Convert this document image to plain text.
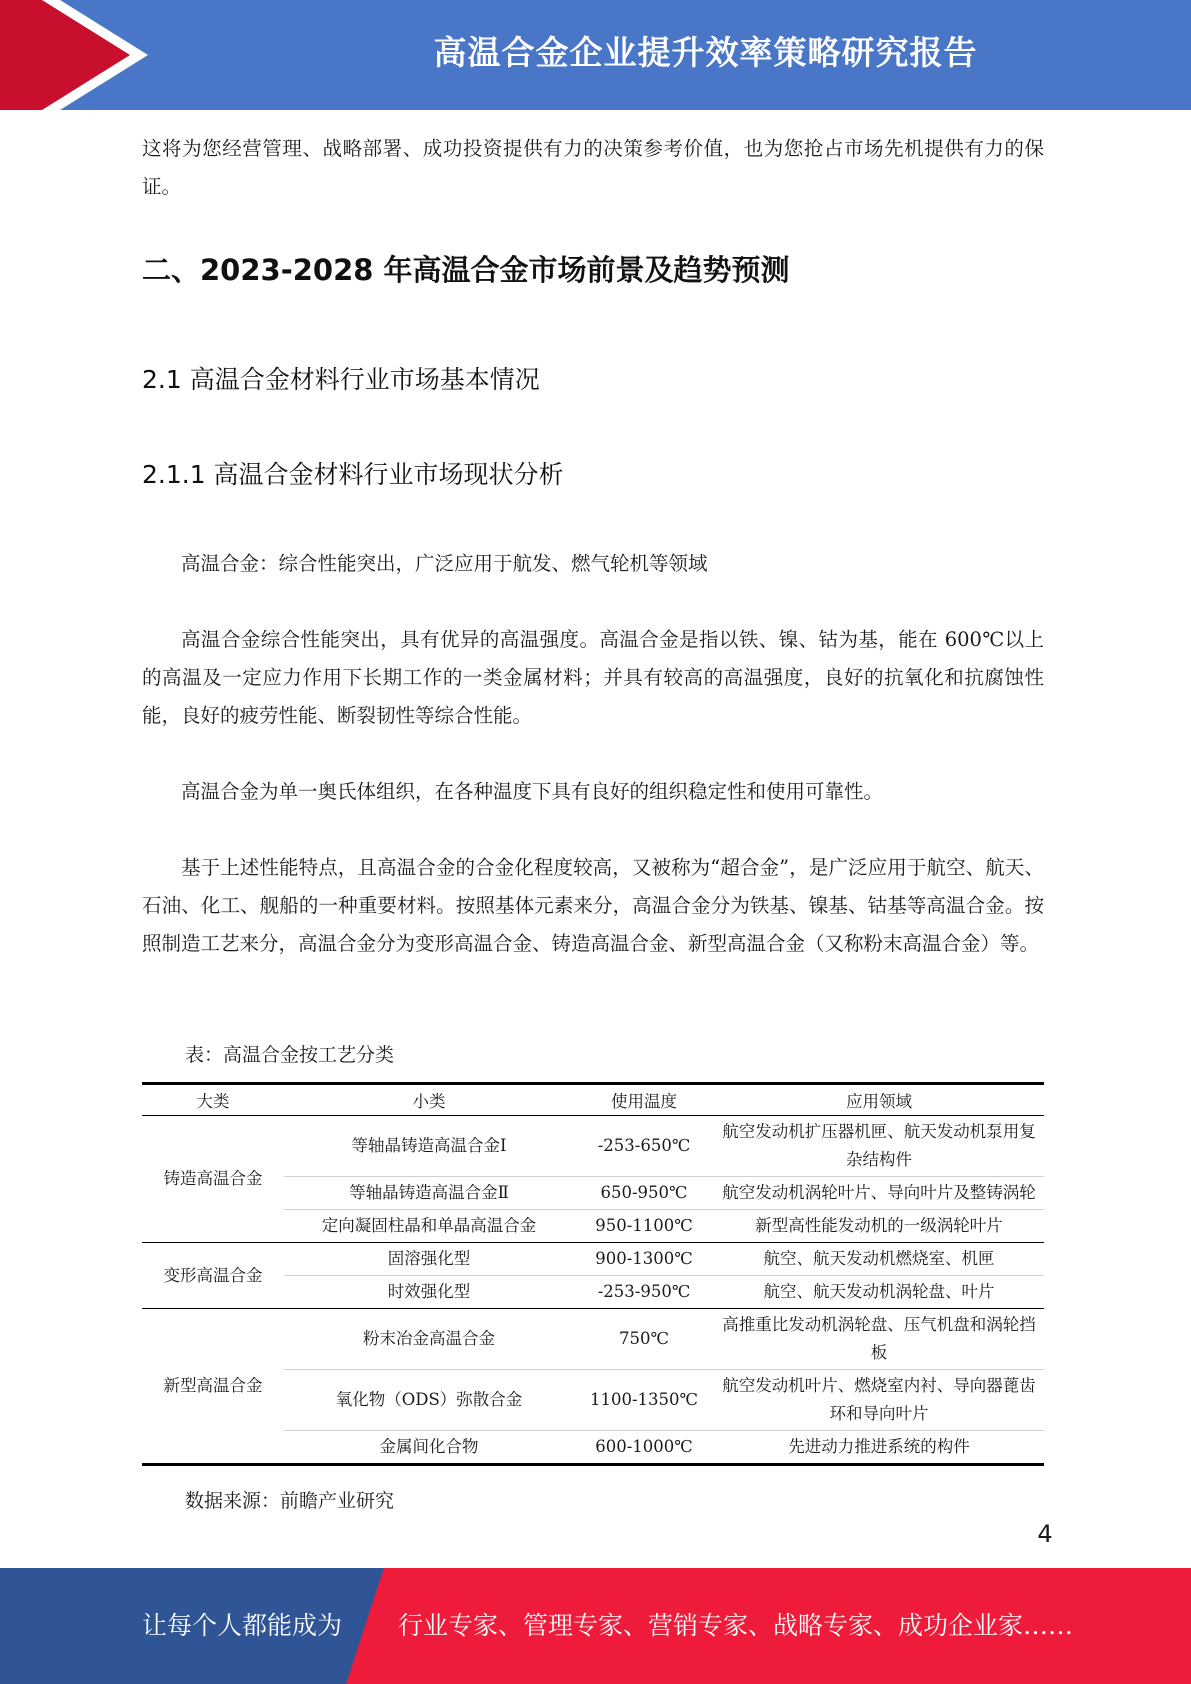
高温合金企业提升效率策略研究报告

这将为您经营管理、战略部署、成功投资提供有力的决策参考价值，也为您抢占市场先机提供有力的保证。

二、2023-2028 年高温合金市场前景及趋势预测
2.1 高温合金材料行业市场基本情况
2.1.1 高温合金材料行业市场现状分析

高温合金：综合性能突出，广泛应用于航发、燃气轮机等领域

高温合金综合性能突出，具有优异的高温强度。高温合金是指以铁、镍、钴为基，能在 600℃以上的高温及一定应力作用下长期工作的一类金属材料；并具有较高的高温强度，良好的抗氧化和抗腐蚀性能，良好的疲劳性能、断裂韧性等综合性能。

高温合金为单一奥氏体组织，在各种温度下具有良好的组织稳定性和使用可靠性。

基于上述性能特点，且高温合金的合金化程度较高，又被称为“超合金”，是广泛应用于航空、航天、石油、化工、舰船的一种重要材料。按照基体元素来分，高温合金分为铁基、镍基、钴基等高温合金。按照制造工艺来分，高温合金分为变形高温合金、铸造高温合金、新型高温合金（又称粉末高温合金）等。

表：高温合金按工艺分类
大类	小类	使用温度	应用领域
铸造高温合金	等轴晶铸造高温合金Ⅰ	-253-650℃	航空发动机扩压器机匣、航天发动机泵用复杂结构件
	等轴晶铸造高温合金Ⅱ	650-950℃	航空发动机涡轮叶片、导向叶片及整铸涡轮
	定向凝固柱晶和单晶高温合金	950-1100℃	新型高性能发动机的一级涡轮叶片
变形高温合金	固溶强化型	900-1300℃	航空、航天发动机燃烧室、机匣
	时效强化型	-253-950℃	航空、航天发动机涡轮盘、叶片
新型高温合金	粉末冶金高温合金	750℃	高推重比发动机涡轮盘、压气机盘和涡轮挡板
	氧化物（ODS）弥散合金	1100-1350℃	航空发动机叶片、燃烧室内衬、导向器蓖齿环和导向叶片
	金属间化合物	600-1000℃	先进动力推进系统的构件
数据来源：前瞻产业研究
4
让每个人都能成为 行业专家、管理专家、营销专家、战略专家、成功企业家……
